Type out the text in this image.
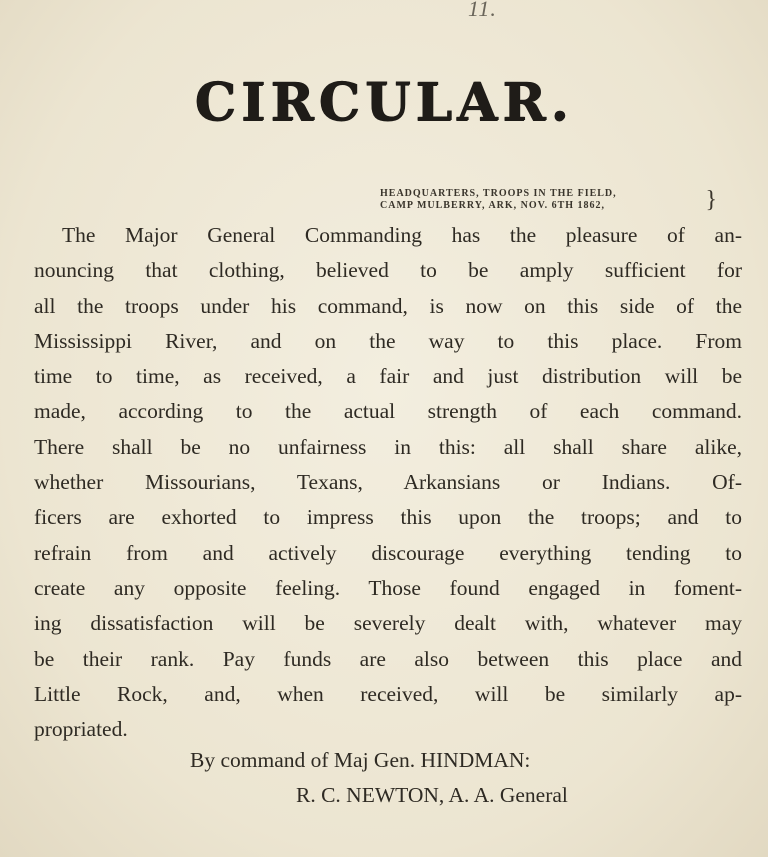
11.
CIRCULAR.
HEADQUARTERS, TROOPS IN THE FIELD,
CAMP MULBERRY, ARK, NOV. 6TH 1862,	}
The Major General Commanding has the pleasure of an-
nouncing that clothing, believed to be amply sufficient for
all the troops under his command, is now on this side of the
Mississippi River, and on the way to this place. From
time to time, as received, a fair and just distribution will be
made, according to the actual strength of each command.
There shall be no unfairness in this: all shall share alike,
whether Missourians, Texans, Arkansians or Indians. Of-
ficers are exhorted to impress this upon the troops; and to
refrain from and actively discourage everything tending to
create any opposite feeling. Those found engaged in foment-
ing dissatisfaction will be severely dealt with, whatever may
be their rank. Pay funds are also between this place and
Little Rock, and, when received, will be similarly ap-
propriated.
By command of Maj Gen. HINDMAN:
R. C. NEWTON, A. A. General
